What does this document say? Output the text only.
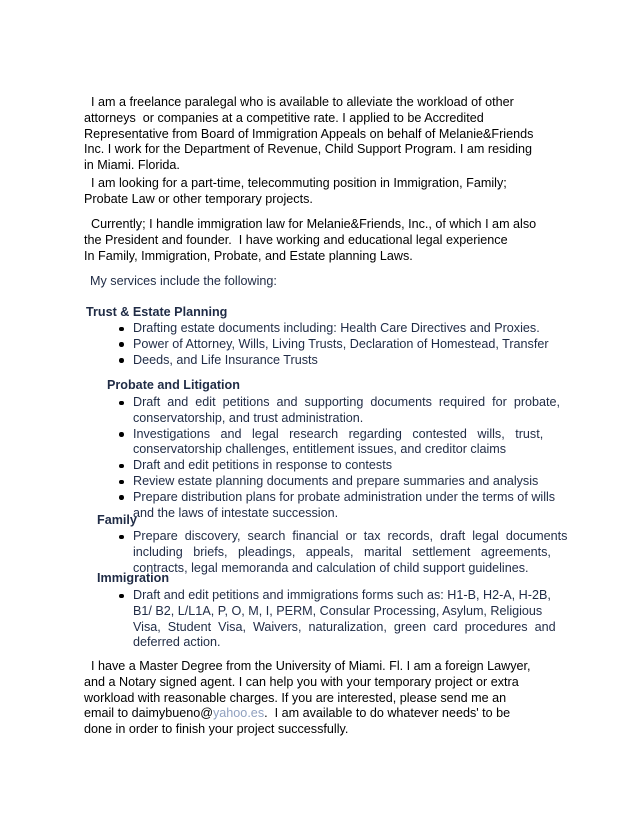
I am a freelance paralegal who is available to alleviate the workload of other
attorneys  or companies at a competitive rate. I applied to be Accredited
Representative from Board of Immigration Appeals on behalf of Melanie&Friends
Inc. I work for the Department of Revenue, Child Support Program. I am residing
in Miami. Florida.
I am looking for a part-time, telecommuting position in Immigration, Family;
Probate Law or other temporary projects.
Currently; I handle immigration law for Melanie&Friends, Inc., of which I am also
the President and founder.  I have working and educational legal experience
In Family, Immigration, Probate, and Estate planning Laws.
My services include the following:
Trust & Estate Planning
Drafting estate documents including: Health Care Directives and Proxies.
Power of Attorney, Wills, Living Trusts, Declaration of Homestead, Transfer
Deeds, and Life Insurance Trusts
Probate and Litigation
Draft  and  edit  petitions  and  supporting  documents  required  for  probate,
conservatorship, and trust administration.
Investigations   and   legal   research   regarding   contested   wills,   trust,
conservatorship challenges, entitlement issues, and creditor claims
Draft and edit petitions in response to contests
Review estate planning documents and prepare summaries and analysis
Prepare distribution plans for probate administration under the terms of wills
and the laws of intestate succession.
Family
Prepare  discovery,  search  financial  or  tax  records,  draft  legal  documents
including   briefs,   pleadings,   appeals,   marital   settlement   agreements,
contracts, legal memoranda and calculation of child support guidelines.
Immigration
Draft and edit petitions and immigrations forms such as: H1-B, H2-A, H-2B,
B1/ B2, L/L1A, P, O, M, I, PERM, Consular Processing, Asylum, Religious
Visa,  Student  Visa,  Waivers,  naturalization,  green  card  procedures  and
deferred action.
I have a Master Degree from the University of Miami. Fl. I am a foreign Lawyer,
and a Notary signed agent. I can help you with your temporary project or extra
workload with reasonable charges. If you are interested, please send me an
email to daimybueno@yahoo.es.  I am available to do whatever needs' to be
done in order to finish your project successfully.
